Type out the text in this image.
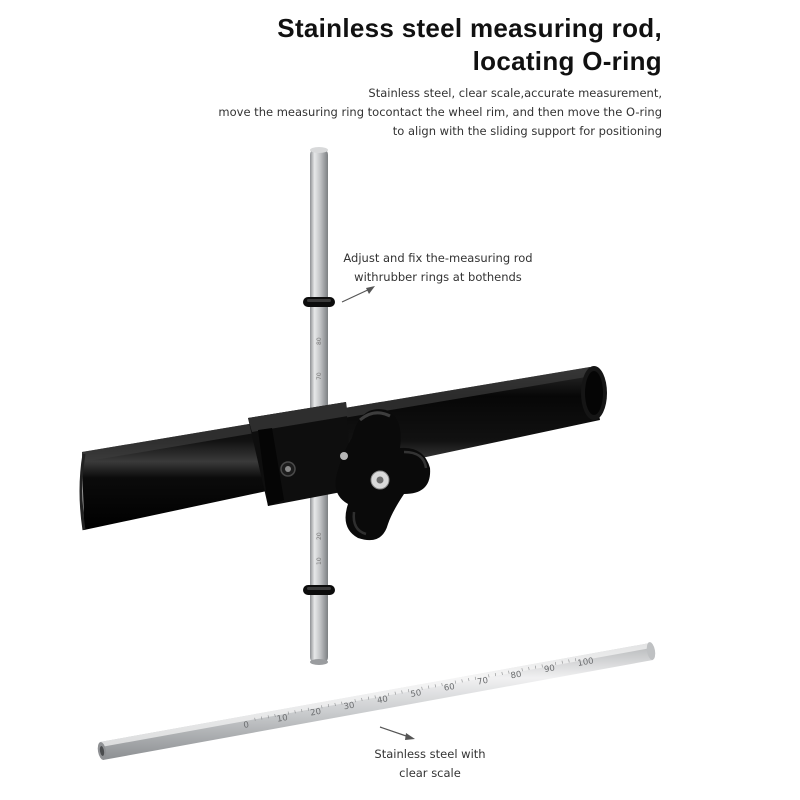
Stainless steel measuring rod,
locating O-ring
Stainless steel, clear scale,accurate measurement,
move the measuring ring tocontact the wheel rim, and then move the O-ring
to align with the sliding support for positioning
80
70
20
10
0
10
20
30
40
50
60
70
80
90
100
Adjust and fix the-measuring rod
withrubber rings at bothends
Stainless steel with
clear scale
